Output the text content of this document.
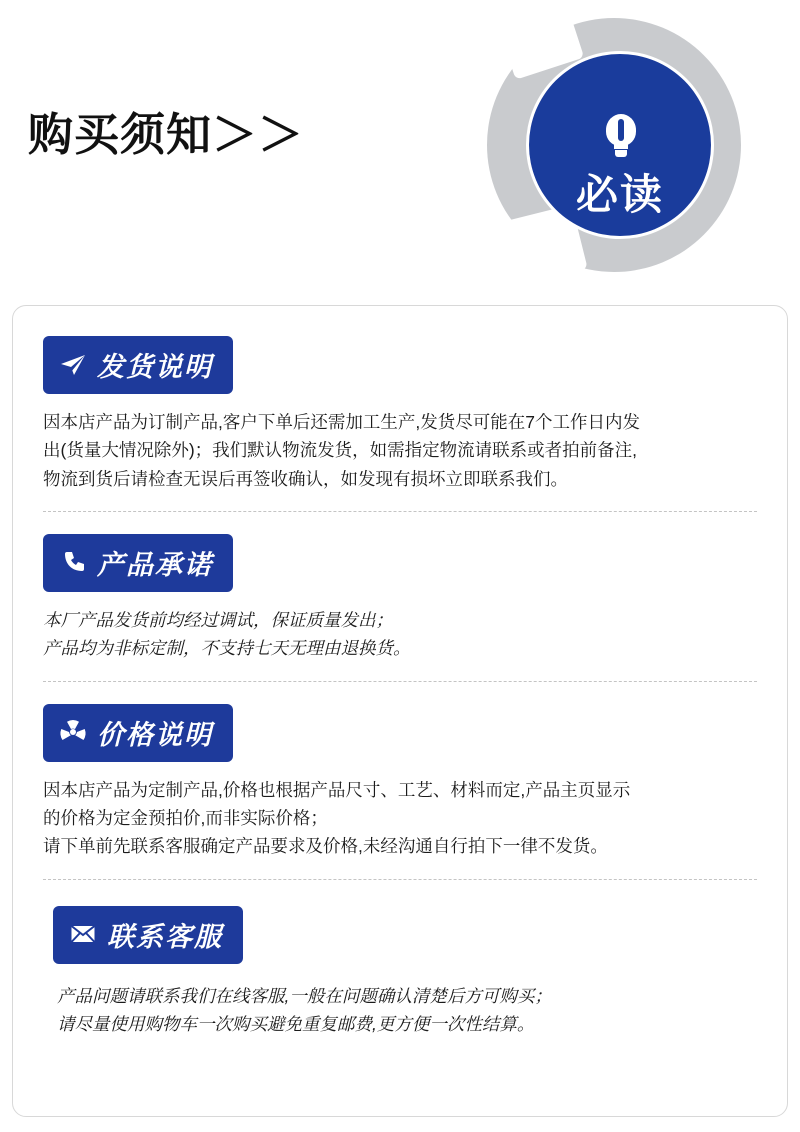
购买须知＞＞
必读
发货说明
因本店产品为订制产品,客户下单后还需加工生产,发货尽可能在7个工作日内发
出(货量大情况除外)；我们默认物流发货，如需指定物流请联系或者拍前备注,
物流到货后请检查无误后再签收确认，如发现有损坏立即联系我们。
产品承诺
本厂产品发货前均经过调试，保证质量发出；
产品均为非标定制，不支持七天无理由退换货。
价格说明
因本店产品为定制产品,价格也根据产品尺寸、工艺、材料而定,产品主页显示
的价格为定金预拍价,而非实际价格；
请下单前先联系客服确定产品要求及价格,未经沟通自行拍下一律不发货。
联系客服
产品问题请联系我们在线客服,一般在问题确认清楚后方可购买；
请尽量使用购物车一次购买避免重复邮费,更方便一次性结算。
